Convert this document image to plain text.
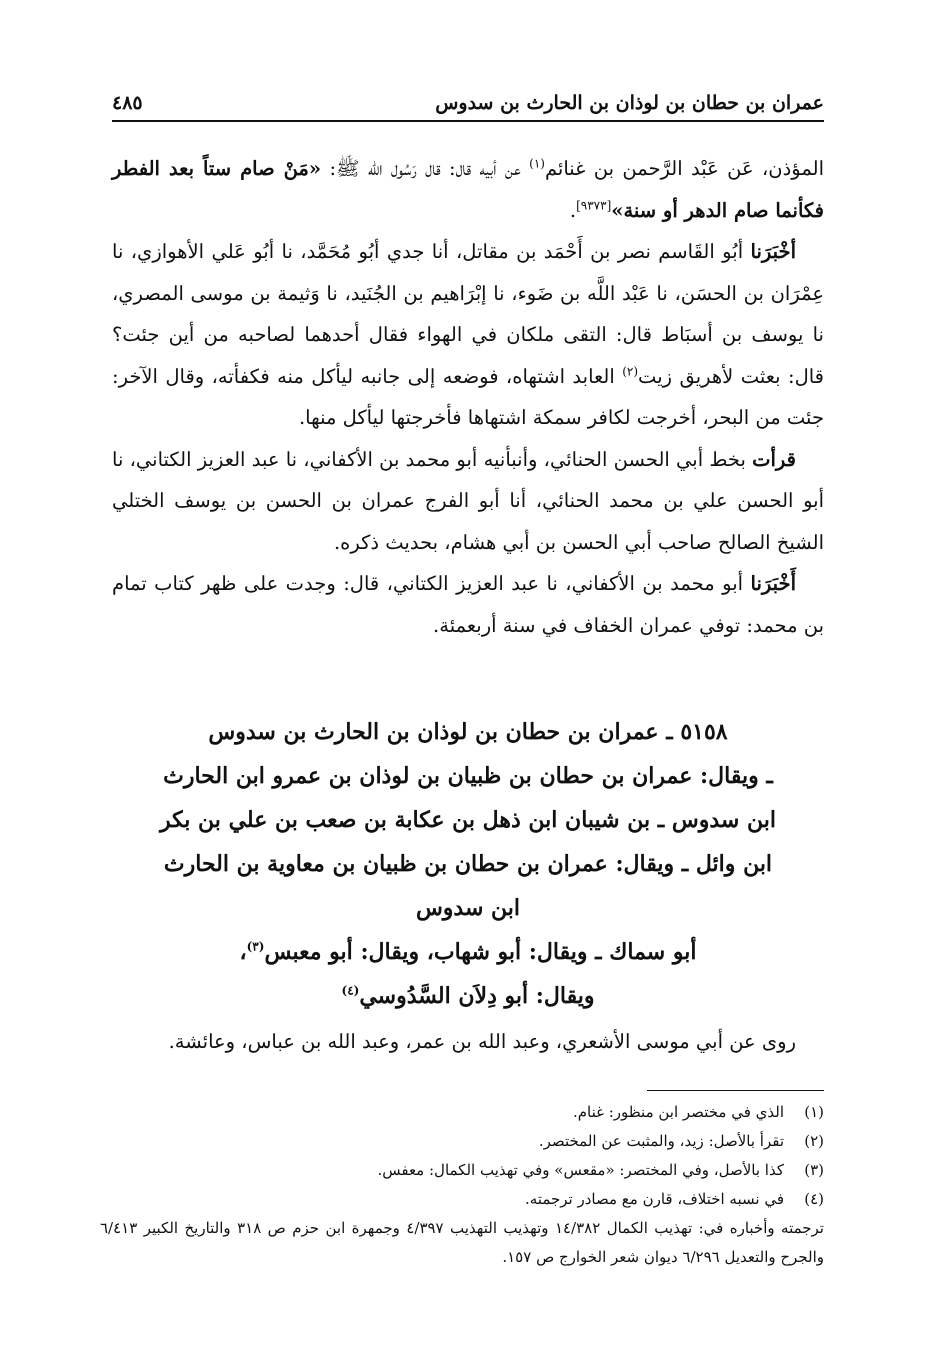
عمران بن حطان بن لوذان بن الحارث بن سدوس
٤٨٥

المؤذن، عَن عَبْد الرَّحمن بن غنائم$^{(١)}$ عن أبيه قال: قال رَسُول الله ﷺ: «مَنْ صام ستاً بعد الفطر فكأنما صام الدهر أو سنة»[٩٣٧٣].

أخْبَرَنا أبُو القَاسم نصر بن أَحْمَد بن مقاتل، أنا جدي أبُو مُحَمَّد، نا أبُو عَلي الأهوازي، نا عِمْرَان بن الحسَن، نا عَبْد اللَّه بن ضَوء، نا إبْرَاهيم بن الجُنَيد، نا وَثيمة بن موسى المصري، نا يوسف بن أسبَاط قال: التقى ملكان في الهواء فقال أحدهما لصاحبه من أين جئت؟ قال: بعثت لأهريق زيت$^{(٢)}$ العابد اشتهاه، فوضعه إلى جانبه ليأكل منه فكفأته، وقال الآخر: جئت من البحر، أخرجت لكافر سمكة اشتهاها فأخرجتها ليأكل منها.

قرأت بخط أبي الحسن الحنائي، وأنبأنيه أبو محمد بن الأكفاني، نا عبد العزيز الكتاني، نا أبو الحسن علي بن محمد الحنائي، أنا أبو الفرج عمران بن الحسن بن يوسف الختلي الشيخ الصالح صاحب أبي الحسن بن أبي هشام، بحديث ذكره.

أَخْبَرَنا أبو محمد بن الأكفاني، نا عبد العزيز الكتاني، قال: وجدت على ظهر كتاب تمام بن محمد: توفي عمران الخفاف في سنة أربعمئة.

٥١٥٨ ـ عمران بن حطان بن لوذان بن الحارث بن سدوس

ـ ويقال: عمران بن حطان بن ظبيان بن لوذان بن عمرو ابن الحارث

ابن سدوس ـ بن شيبان ابن ذهل بن عكابة بن صعب بن علي بن بكر

ابن وائل ـ ويقال: عمران بن حطان بن ظبيان بن معاوية بن الحارث

ابن سدوس

أبو سماك ـ ويقال: أبو شهاب، ويقال: أبو معبس$^{(٣)}$،

ويقال: أبو دِلاَن السَّدُوسي$^{(٤)}$

روى عن أبي موسى الأشعري، وعبد الله بن عمر، وعبد الله بن عباس، وعائشة.

(١)
الذي في مختصر ابن منظور: غنام.

(٢)
تقرأ بالأصل: زيد، والمثبت عن المختصر.

(٣)
كذا بالأصل، وفي المختصر: «مقعس» وفي تهذيب الكمال: معفس.

(٤)
في نسبه اختلاف، قارن مع مصادر ترجمته.

ترجمته وأخباره في: تهذيب الكمال ١٤/٣٨٢ وتهذيب التهذيب ٤/٣٩٧ وجمهرة ابن حزم ص ٣١٨ والتاريخ الكبير ٦/٤١٣ والجرح والتعديل ٦/٢٩٦ ديوان شعر الخوارج ص ١٥٧.
